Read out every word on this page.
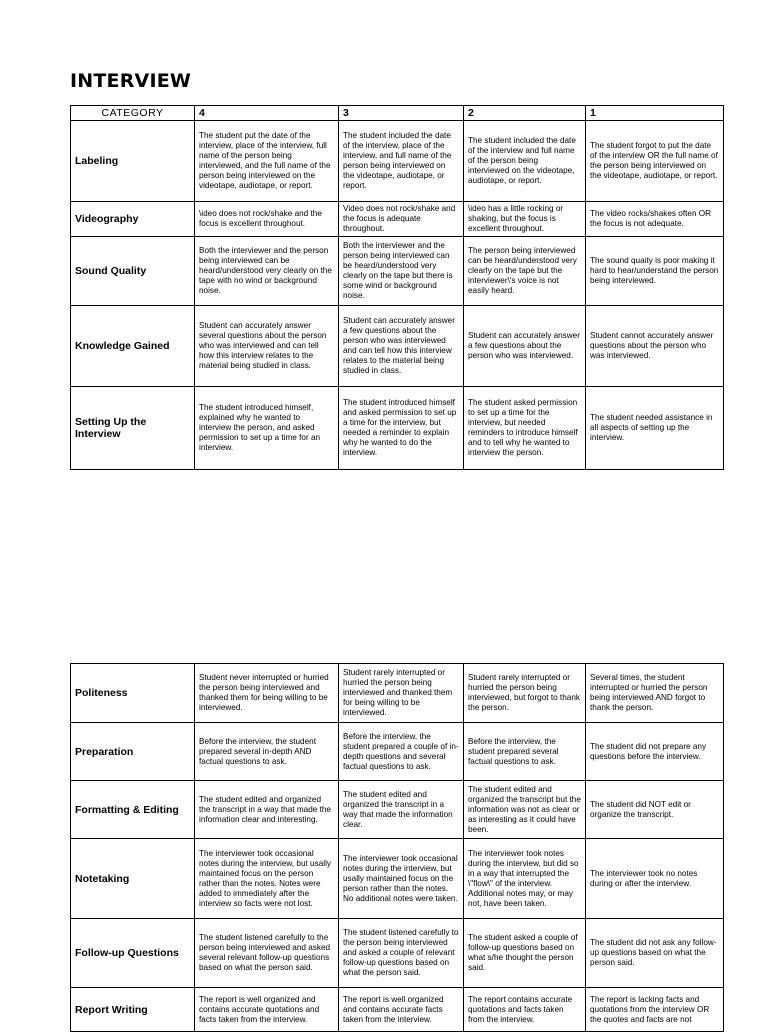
INTERVIEW
CATEGORY	4	3	2	1
Labeling	The student put the date of the interview, place of the interview, full name of the person being interviewed, and the full name of the person being interviewed on the videotape, audiotape, or report.	The student included the date of the interview, place of the interview, and full name of the person being interviewed on the videotape, audiotape, or report.	The student included the date of the interview and full name of the person being interviewed on the videotape, audiotape, or report.	The student forgot to put the date of the interview OR the full name of the person being interviewed on the videotape, audiotape, or report.
Videography	\ideo does not rock/shake and the focus is excellent throughout.	Video does not rock/shake and the focus is adequate throughout.	\ideo has a little rocking or shaking, but the focus is excellent throughout.	The video rocks/shakes often OR the focus is not adequate.
Sound Quality	Both the interviewer and the person being interviewed can be heard/understood very clearly on the tape with no wind or background noise.	Both the interviewer and the person being interviewed can be heard/understood very clearly on the tape but there is some wind or background noise.	The person being interviewed can be heard/understood very clearly on the tape but the interviewer\'s voice is not easily heard.	The sound quaity is poor making it hard to hear/understand the person being interviewed.
Knowledge Gained	Student can accurately answer several questions about the person who was interviewed and can tell how this interview relates to the material being studied in class.	Student can accurately answer a few questions about the person who was interviewed and can tell how this interview relates to the material being studied in class.	Student can accurately answer a few questions about the person who was interviewed.	Student cannot accurately answer questions about the person who was interviewed.
Setting Up the Interview	The student introduced himself, explained why he wanted to interview the person, and asked permission to set up a time for an interview.	The student introduced himself and asked permission to set up a time for the interview, but needed a reminder to explain why he wanted to do the interview.	The student asked permission to set up a time for the interview, but needed reminders to introduce himself and to tell why he wanted to interview the person.	The student needed assistance in all aspects of setting up the interview.
Politeness	Student never interrupted or hurried the person being interviewed and thanked them for being willing to be interviewed.	Student rarely interrupted or hurried the person being interviewed and thanked them for being willing to be interviewed.	Student rarely interrupted or hurried the person being interviewed, but forgot to thank the person.	Several times, the student interrupted or hurried the person being interviewed AND forgot to thank the person.
Preparation	Before the interview, the student prepared several in-depth AND factual questions to ask.	Before the interview, the student prepared a couple of in-depth questions and several factual questions to ask.	Before the interview, the student prepared several factual questions to ask.	The student did not prepare any questions before the interview.
Formatting & Editing	The student edited and organized the transcript in a way that made the information clear and interesting.	The student edited and organized the transcript in a way that made the information clear.	The student edited and organized the transcript but the information was not as clear or as interesting as it could have been.	The student did NOT edit or organize the transcript.
Notetaking	The interviewer took occasional notes during the interview, but usally maintained focus on the person rather than the notes. Notes were added to immediately after the interview so facts were not lost.	The interviewer took occasional notes during the interview, but usally maintained focus on the person rather than the notes. No additional notes were taken.	The interviewer took notes during the interview, but did so in a way that interrupted the \"flow\" of the interview. Additional notes may, or may not, have been taken.	The interviewer took no notes during or after the interview.
Follow-up Questions	The student listened carefully to the person being interviewed and asked several relevant follow-up questions based on what the person said.	The student listened carefully to the person being interviewed and asked a couple of relevant follow-up questions based on what the person said.	The student asked a couple of follow-up questions based on what s/he thought the person said.	The student did not ask any follow-up questions based on what the person said.
Report Writing	The report is well organized and contains accurate quotations and facts taken from the interview.	The report is well organized and contains accurate facts taken from the interview.	The report contains accurate quotations and facts taken from the interview.	The report is lacking facts and quotations from the interview OR the quotes and facts are not
